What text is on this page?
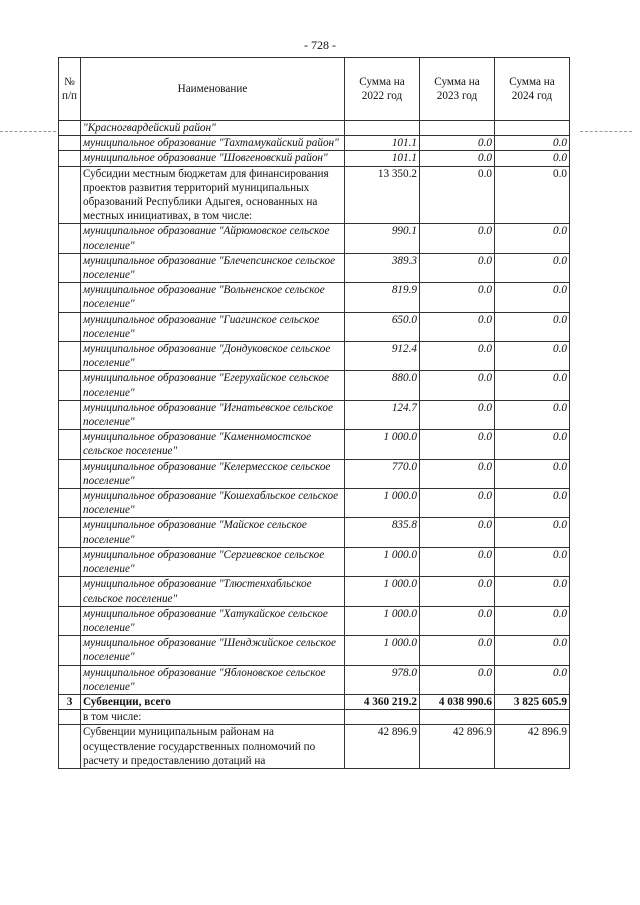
- 728 -
№ п/п	Наименование	Сумма на 2022 год	Сумма на 2023 год	Сумма на 2024 год
	"Красногвардейский район"			
	муниципальное образование "Тахтамукайский район"	101.1	0.0	0.0
	муниципальное образование "Шовгеновский район"	101.1	0.0	0.0
	Субсидии местным бюджетам для финансирования проектов развития территорий муниципальных образований Республики Адыгея, основанных на местных инициативах, в том числе:	13 350.2	0.0	0.0
	муниципальное образование "Айрюмовское сельское поселение"	990.1	0.0	0.0
	муниципальное образование "Блечепсинское сельское поселение"	389.3	0.0	0.0
	муниципальное образование "Вольненское сельское поселение"	819.9	0.0	0.0
	муниципальное образование "Гиагинское сельское поселение"	650.0	0.0	0.0
	муниципальное образование "Дондуковское сельское поселение"	912.4	0.0	0.0
	муниципальное образование "Егерухайское сельское поселение"	880.0	0.0	0.0
	муниципальное образование "Игнатьевское сельское поселение"	124.7	0.0	0.0
	муниципальное образование "Каменномостское сельское поселение"	1 000.0	0.0	0.0
	муниципальное образование "Келермесское сельское поселение"	770.0	0.0	0.0
	муниципальное образование "Кошехабльское сельское поселение"	1 000.0	0.0	0.0
	муниципальное образование "Майское сельское поселение"	835.8	0.0	0.0
	муниципальное образование "Сергиевское сельское поселение"	1 000.0	0.0	0.0
	муниципальное образование "Тлюстенхабльское сельское поселение"	1 000.0	0.0	0.0
	муниципальное образование "Хатукайское сельское поселение"	1 000.0	0.0	0.0
	муниципальное образование "Шенджийское сельское поселение"	1 000.0	0.0	0.0
	муниципальное образование "Ябл​оновское сельское поселение"	978.0	0.0	0.0
3	Субвенции, всего	4 360 219.2	4 038 990.6	3 825 605.9
	в том числе:			
	Субвенции муниципальным районам на осуществление государственных полномочий по расчету и предоставлению дотаций на	42 896.9	42 896.9	42 896.9
